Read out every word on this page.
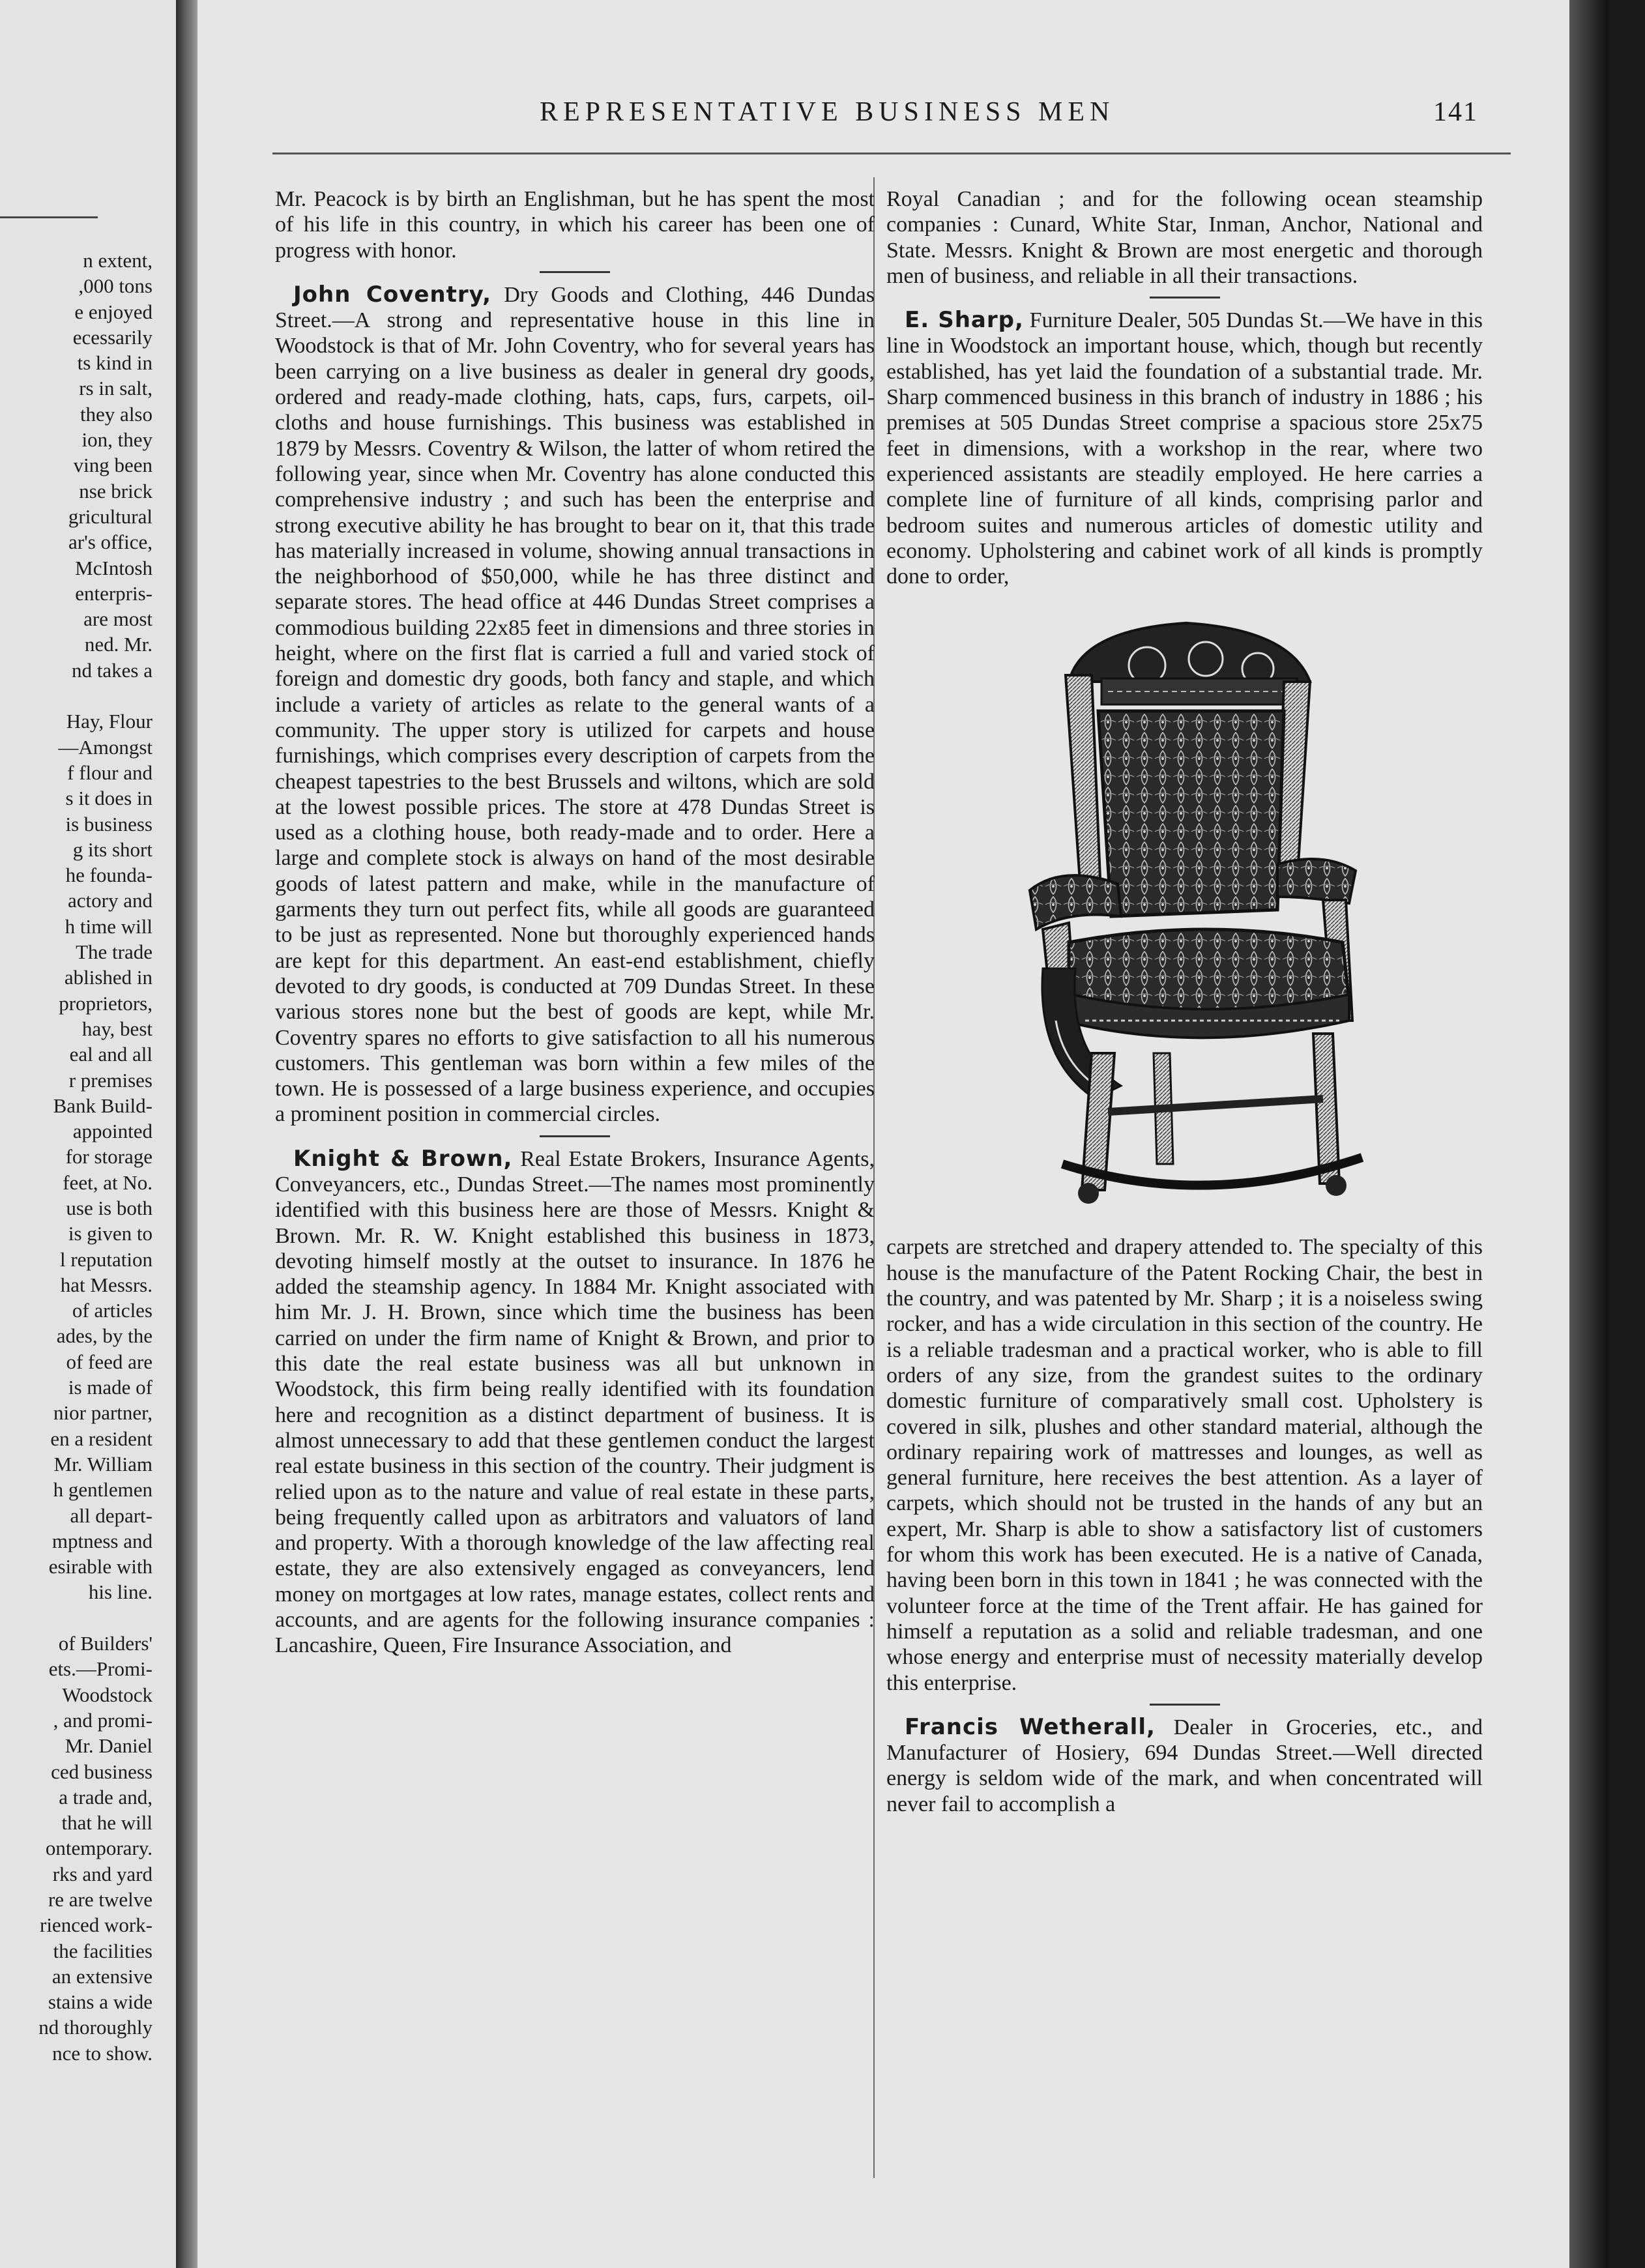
n extent,
,000 tons
e enjoyed
ecessarily
ts kind in
rs in salt,
they also
ion, they
ving been
nse brick
gricultural
ar's office,
McIntosh
enterpris-
are most
ned. Mr.
nd takes a
Hay, Flour
—Amongst
f flour and
s it does in
is business
g its short
he founda-
actory and
h time will
The trade
ablished in
proprietors,
hay, best
eal and all
r premises
Bank Build-
appointed
for storage
feet, at No.
use is both
is given to
l reputation
hat Messrs.
of articles
ades, by the
of feed are
is made of
nior partner,
en a resident
Mr. William
h gentlemen
all depart-
mptness and
esirable with
his line.
of Builders'
ets.—Promi-
Woodstock
, and promi-
Mr. Daniel
ced business
a trade and,
that he will
ontemporary.
rks and yard
re are twelve
rienced work-
the facilities
an extensive
stains a wide
nd thoroughly
nce to show.
REPRESENTATIVE BUSINESS MEN	141

Mr. Peacock is by birth an Englishman, but he has spent the most of his life in this country, in which his career has been one of progress with honor.

John Coventry, Dry Goods and Clothing, 446 Dundas Street.—A strong and representative house in this line in Woodstock is that of Mr. John Coventry, who for several years has been carrying on a live business as dealer in general dry goods, ordered and ready-made clothing, hats, caps, furs, carpets, oil-cloths and house furnishings. This business was established in 1879 by Messrs. Coventry & Wilson, the latter of whom retired the following year, since when Mr. Coventry has alone conducted this comprehensive industry ; and such has been the enterprise and strong executive ability he has brought to bear on it, that this trade has materially increased in volume, showing annual transactions in the neighborhood of $50,000, while he has three distinct and separate stores. The head office at 446 Dundas Street comprises a commodious building 22x85 feet in dimensions and three stories in height, where on the first flat is carried a full and varied stock of foreign and domestic dry goods, both fancy and staple, and which include a variety of articles as relate to the general wants of a community. The upper story is utilized for carpets and house furnishings, which comprises every description of carpets from the cheapest tapestries to the best Brussels and wiltons, which are sold at the lowest possible prices. The store at 478 Dundas Street is used as a clothing house, both ready-made and to order. Here a large and complete stock is always on hand of the most desirable goods of latest pattern and make, while in the manufacture of garments they turn out perfect fits, while all goods are guaranteed to be just as represented. None but thoroughly experienced hands are kept for this department. An east-end establishment, chiefly devoted to dry goods, is conducted at 709 Dundas Street. In these various stores none but the best of goods are kept, while Mr. Coventry spares no efforts to give satisfaction to all his numerous customers. This gentleman was born within a few miles of the town. He is possessed of a large business experience, and occupies a prominent position in commercial circles.

Knight & Brown, Real Estate Brokers, Insurance Agents, Conveyancers, etc., Dundas Street.—The names most prominently identified with this business here are those of Messrs. Knight & Brown. Mr. R. W. Knight established this business in 1873, devoting himself mostly at the outset to insurance. In 1876 he added the steamship agency. In 1884 Mr. Knight associated with him Mr. J. H. Brown, since which time the business has been carried on under the firm name of Knight & Brown, and prior to this date the real estate business was all but unknown in Woodstock, this firm being really identified with its foundation here and recognition as a distinct department of business. It is almost unnecessary to add that these gentlemen conduct the largest real estate business in this section of the country. Their judgment is relied upon as to the nature and value of real estate in these parts, being frequently called upon as arbitrators and valuators of land and property. With a thorough knowledge of the law affecting real estate, they are also extensively engaged as conveyancers, lend money on mortgages at low rates, manage estates, collect rents and accounts, and are agents for the following insurance companies : Lancashire, Queen, Fire Insurance Association, and

Royal Canadian ; and for the following ocean steamship companies : Cunard, White Star, Inman, Anchor, National and State. Messrs. Knight & Brown are most energetic and thorough men of business, and reliable in all their transactions.

E. Sharp, Furniture Dealer, 505 Dundas St.—We have in this line in Woodstock an important house, which, though but recently established, has yet laid the foundation of a substantial trade. Mr. Sharp commenced business in this branch of industry in 1886 ; his premises at 505 Dundas Street comprise a spacious store 25x75 feet in dimensions, with a workshop in the rear, where two experienced assistants are steadily employed. He here carries a complete line of furniture of all kinds, comprising parlor and bedroom suites and numerous articles of domestic utility and economy. Upholstering and cabinet work of all kinds is promptly done to order,

carpets are stretched and drapery attended to. The specialty of this house is the manufacture of the Patent Rocking Chair, the best in the country, and was patented by Mr. Sharp ; it is a noiseless swing rocker, and has a wide circulation in this section of the country. He is a reliable tradesman and a practical worker, who is able to fill orders of any size, from the grandest suites to the ordinary domestic furniture of comparatively small cost. Upholstery is covered in silk, plushes and other standard material, although the ordinary repairing work of mattresses and lounges, as well as general furniture, here receives the best attention. As a layer of carpets, which should not be trusted in the hands of any but an expert, Mr. Sharp is able to show a satisfactory list of customers for whom this work has been executed. He is a native of Canada, having been born in this town in 1841 ; he was connected with the volunteer force at the time of the Trent affair. He has gained for himself a reputation as a solid and reliable tradesman, and one whose energy and enterprise must of necessity materially develop this enterprise.

Francis Wetherall, Dealer in Groceries, etc., and Manufacturer of Hosiery, 694 Dundas Street.—Well directed energy is seldom wide of the mark, and when concentrated will never fail to accomplish a
